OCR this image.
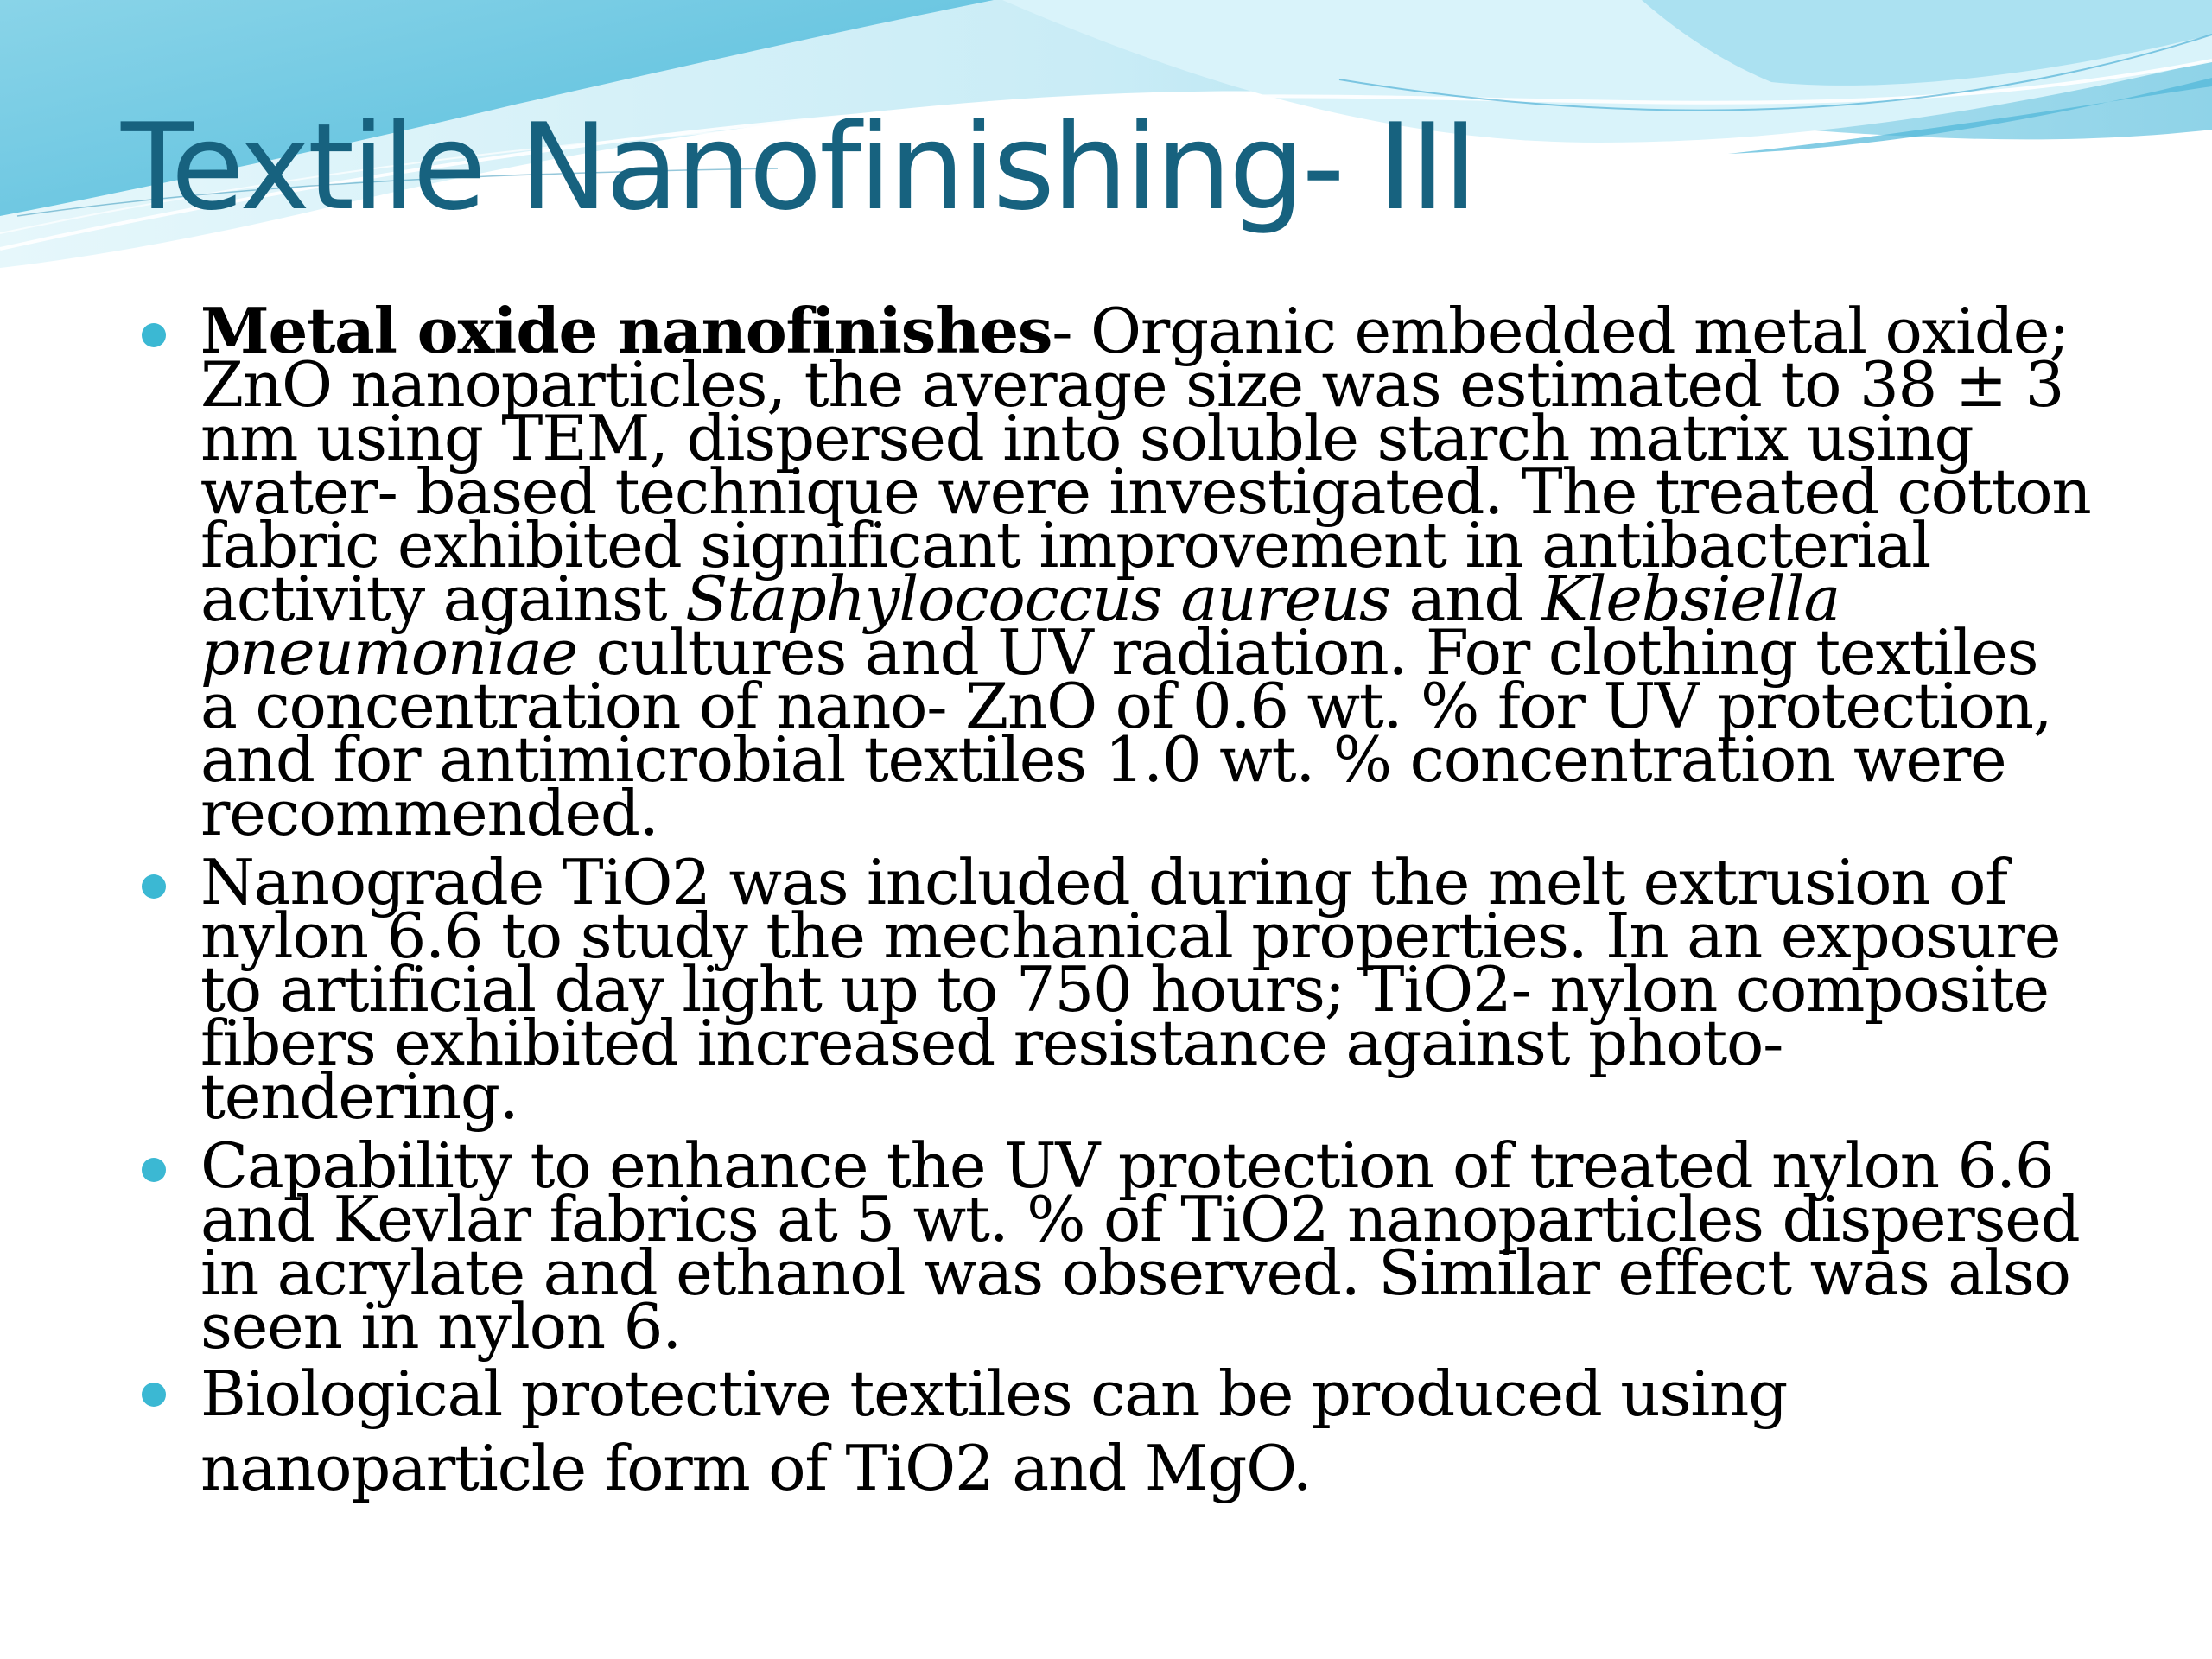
Textile Nanofinishing- III
Metal oxide nanofinishes- Organic embedded metal oxide; ZnO nanoparticles, the average size was estimated to 38 ± 3 nm using TEM, dispersed into soluble starch matrix using water- based technique were investigated. The treated cotton fabric exhibited significant improvement in antibacterial activity against Staphylococcus aureus and Klebsiella pneumoniae cultures and UV radiation. For clothing textiles a concentration of nano- ZnO of 0.6 wt. % for UV protection, and for antimicrobial textiles 1.0 wt. % concentration were recommended.
Nanograde TiO2 was included during the melt extrusion of nylon 6.6 to study the mechanical properties. In an exposure to artificial day light up to 750 hours; TiO2- nylon composite fibers exhibited increased resistance against photo- tendering.
Capability to enhance the UV protection of treated nylon 6.6 and Kevlar fabrics at 5 wt. % of TiO2 nanoparticles dispersed in acrylate and ethanol was observed. Similar effect was also seen in nylon 6.
Biological protective textiles can be produced using nanoparticle form of TiO2 and MgO.
